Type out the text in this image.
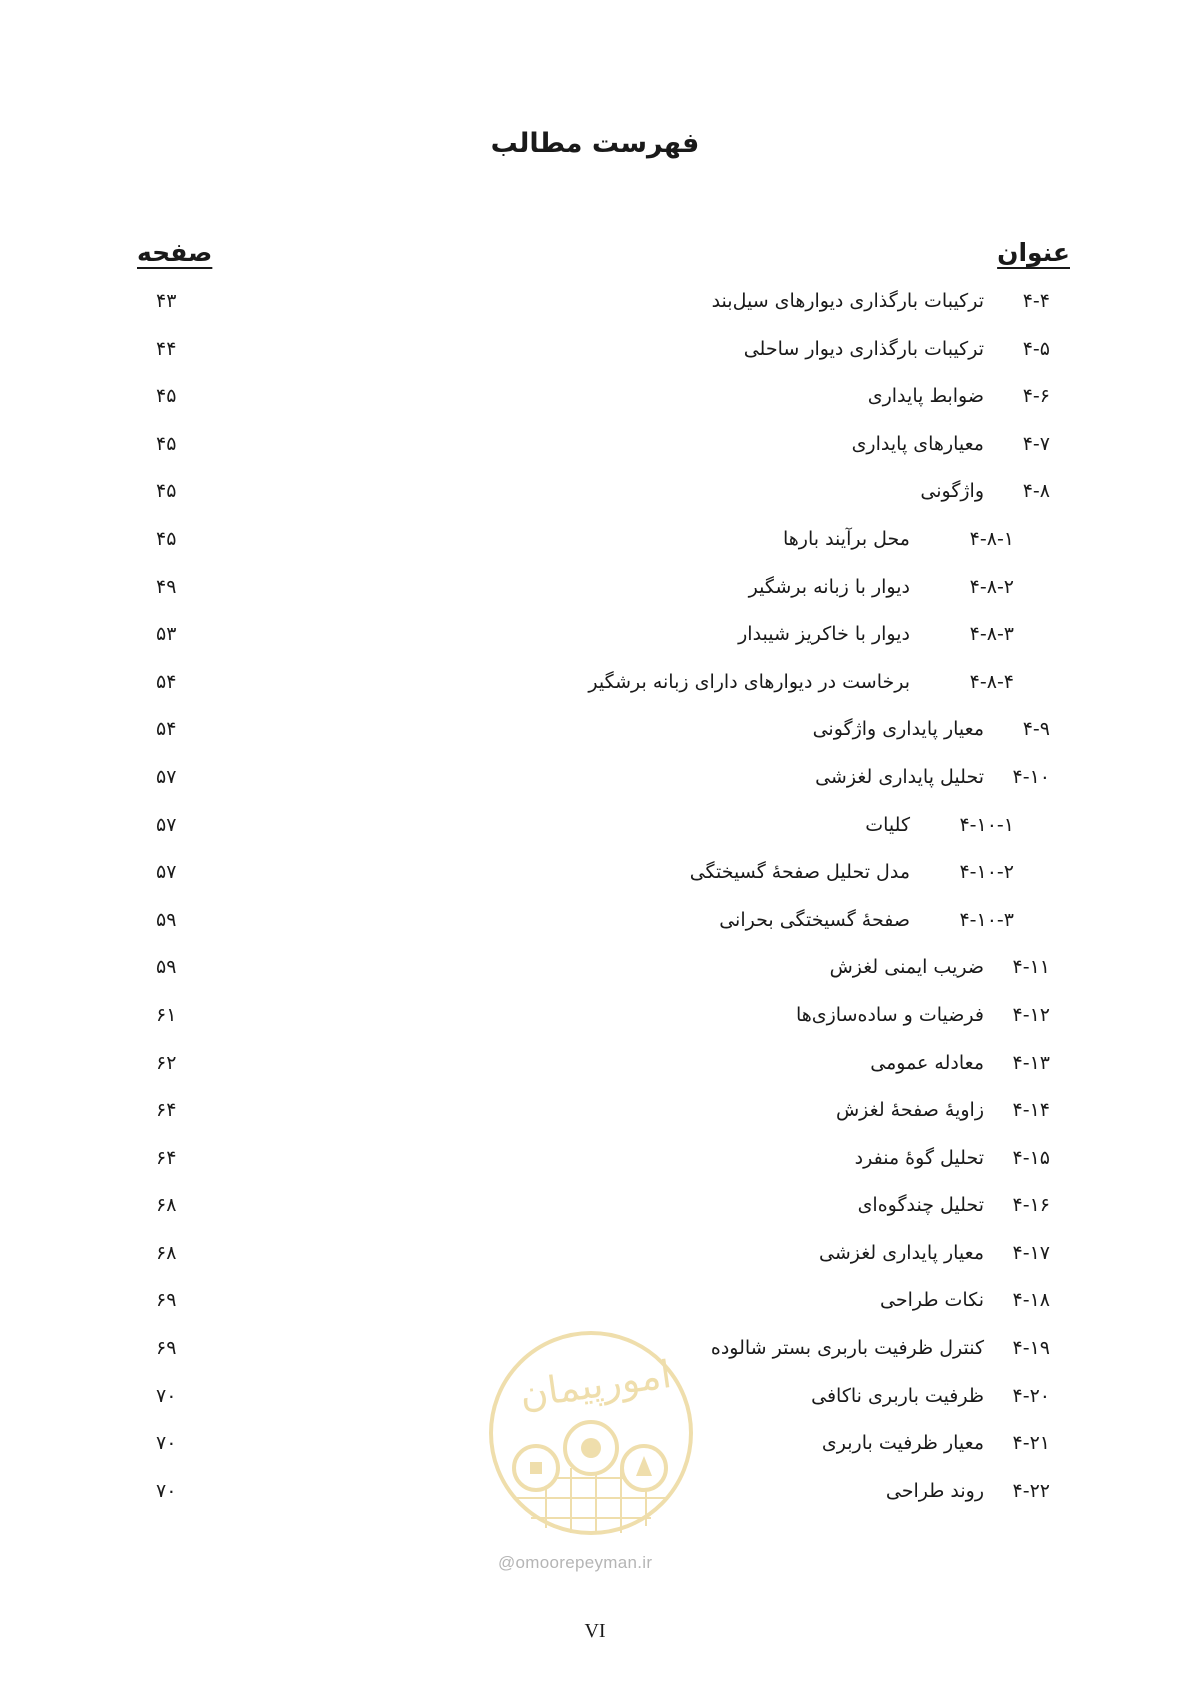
فهرست مطالب
عنوان
صفحه
۴-۴
ترکیبات بارگذاری دیوارهای سیل‌بند
۴۳
۴-۵
ترکیبات بارگذاری دیوار ساحلی
۴۴
۴-۶
ضوابط پایداری
۴۵
۴-۷
معیارهای پایداری
۴۵
۴-۸
واژگونی
۴۵
۴-۸-۱
محل برآیند بارها
۴۵
۴-۸-۲
دیوار با زبانه برشگیر
۴۹
۴-۸-۳
دیوار با خاکریز شیبدار
۵۳
۴-۸-۴
برخاست در دیوارهای دارای زبانه برشگیر
۵۴
۴-۹
معیار پایداری واژگونی
۵۴
۴-۱۰
تحلیل پایداری لغزشی
۵۷
۴-۱۰-۱
کلیات
۵۷
۴-۱۰-۲
مدل تحلیل صفحهٔ گسیختگی
۵۷
۴-۱۰-۳
صفحهٔ گسیختگی بحرانی
۵۹
۴-۱۱
ضریب ایمنی لغزش
۵۹
۴-۱۲
فرضیات و ساده‌سازی‌ها
۶۱
۴-۱۳
معادله عمومی
۶۲
۴-۱۴
زاویهٔ صفحهٔ لغزش
۶۴
۴-۱۵
تحلیل گوهٔ منفرد
۶۴
۴-۱۶
تحلیل چندگوه‌ای
۶۸
۴-۱۷
معیار پایداری لغزشی
۶۸
۴-۱۸
نکات طراحی
۶۹
۴-۱۹
کنترل ظرفیت باربری بستر شالوده
۶۹
۴-۲۰
ظرفیت باربری ناکافی
۷۰
۴-۲۱
معیار ظرفیت باربری
۷۰
۴-۲۲
روند طراحی
۷۰
امورپیمان
@omoorepeyman.ir
VI
